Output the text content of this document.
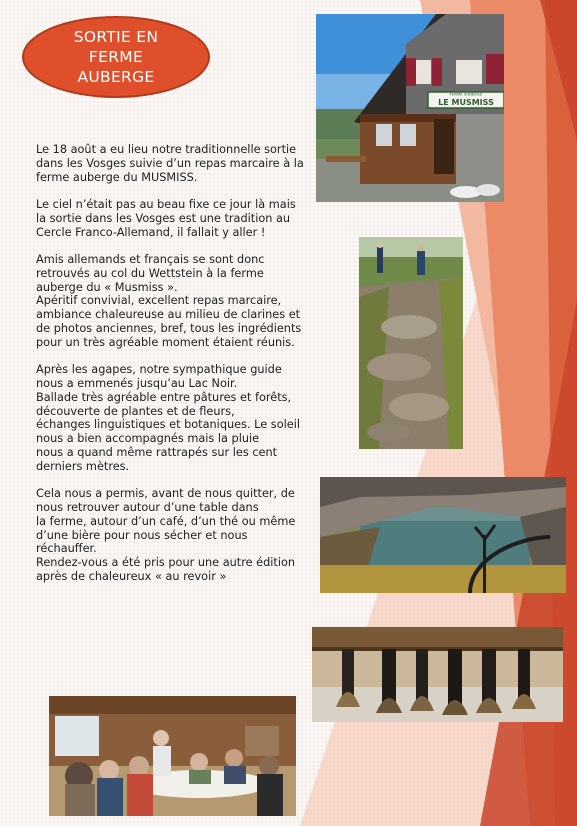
SORTIE EN
FERME
AUBERGE

Le 18 août a eu lieu notre traditionnelle sortie
dans les Vosges suivie d’un repas marcaire à la
ferme auberge du MUSMISS.

Le ciel n’était pas au beau fixe ce jour là mais
la sortie dans les Vosges est une tradition au
Cercle Franco-Allemand, il fallait y aller !

Amis allemands et français se sont donc
retrouvés au col du Wettstein à la ferme
auberge du « Musmiss ».
Apéritif convivial, excellent repas marcaire,
ambiance chaleureuse au milieu de clarines et
de photos anciennes, bref, tous les ingrédients
pour un très agréable moment étaient réunis.

Après les agapes, notre sympathique guide
nous a emmenés jusqu’au Lac Noir.
Ballade très agréable entre pâtures et forêts,
découverte de plantes et de fleurs,
échanges linguistiques et botaniques. Le soleil
nous a bien accompagnés mais la pluie
nous a quand même rattrapés sur les cent
derniers mètres.

Cela nous a permis, avant de nous quitter, de
nous retrouver autour d’une table dans
la ferme, autour d’un café, d’un thé ou même
d’une bière pour nous sécher et nous
réchauffer.
Rendez-vous a été pris pour une autre édition
après de chaleureux « au revoir »

FERME AUBERGE
LE MUSMISS
